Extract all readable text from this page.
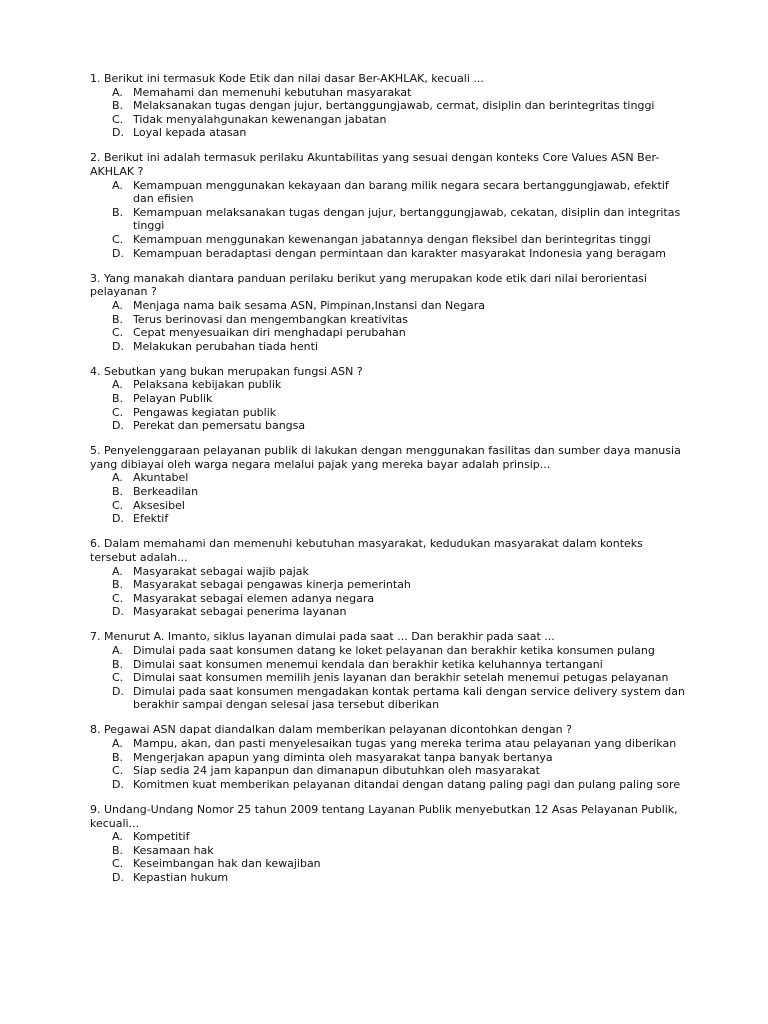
1. Berikut ini termasuk Kode Etik dan nilai dasar Ber-AKHLAK, kecuali ...

A. Memahami dan memenuhi kebutuhan masyarakat
B. Melaksanakan tugas dengan jujur, bertanggungjawab, cermat, disiplin dan berintegritas tinggi
C. Tidak menyalahgunakan kewenangan jabatan
D. Loyal kepada atasan

2. Berikut ini adalah termasuk perilaku Akuntabilitas yang sesuai dengan konteks Core Values ASN Ber-AKHLAK ?

A. Kemampuan menggunakan kekayaan dan barang milik negara secara bertanggungjawab, efektif dan efisien
B. Kemampuan melaksanakan tugas dengan jujur, bertanggungjawab, cekatan, disiplin dan integritas tinggi
C. Kemampuan menggunakan kewenangan jabatannya dengan fleksibel dan berintegritas tinggi
D. Kemampuan beradaptasi dengan permintaan dan karakter masyarakat Indonesia yang beragam

3. Yang manakah diantara panduan perilaku berikut yang merupakan kode etik dari nilai berorientasi pelayanan ?

A. Menjaga nama baik sesama ASN, Pimpinan,Instansi dan Negara
B. Terus berinovasi dan mengembangkan kreativitas
C. Cepat menyesuaikan diri menghadapi perubahan
D. Melakukan perubahan tiada henti

4. Sebutkan yang bukan merupakan fungsi ASN ?

A. Pelaksana kebijakan publik
B. Pelayan Publik
C. Pengawas kegiatan publik
D. Perekat dan pemersatu bangsa

5. Penyelenggaraan pelayanan publik di lakukan dengan menggunakan fasilitas dan sumber daya manusia yang dibiayai oleh warga negara melalui pajak yang mereka bayar adalah prinsip...

A. Akuntabel
B. Berkeadilan
C. Aksesibel
D. Efektif

6. Dalam memahami dan memenuhi kebutuhan masyarakat, kedudukan masyarakat dalam konteks tersebut adalah...

A. Masyarakat sebagai wajib pajak
B. Masyarakat sebagai pengawas kinerja pemerintah
C. Masyarakat sebagai elemen adanya negara
D. Masyarakat sebagai penerima layanan

7. Menurut A. Imanto, siklus layanan dimulai pada saat ... Dan berakhir pada saat ...

A. Dimulai pada saat konsumen datang ke loket pelayanan dan berakhir ketika konsumen pulang
B. Dimulai saat konsumen menemui kendala dan berakhir ketika keluhannya tertangani
C. Dimulai saat konsumen memilih jenis layanan dan berakhir setelah menemui petugas pelayanan
D. Dimulai pada saat konsumen mengadakan kontak pertama kali dengan service delivery system dan berakhir sampai dengan selesai jasa tersebut diberikan

8. Pegawai ASN dapat diandalkan dalam memberikan pelayanan dicontohkan dengan ?

A. Mampu, akan, dan pasti menyelesaikan tugas yang mereka terima atau pelayanan yang diberikan
B. Mengerjakan apapun yang diminta oleh masyarakat tanpa banyak bertanya
C. Siap sedia 24 jam kapanpun dan dimanapun dibutuhkan oleh masyarakat
D. Komitmen kuat memberikan pelayanan ditandai dengan datang paling pagi dan pulang paling sore

9. Undang-Undang Nomor 25 tahun 2009 tentang Layanan Publik menyebutkan 12 Asas Pelayanan Publik, kecuali...

A. Kompetitif
B. Kesamaan hak
C. Keseimbangan hak dan kewajiban
D. Kepastian hukum
